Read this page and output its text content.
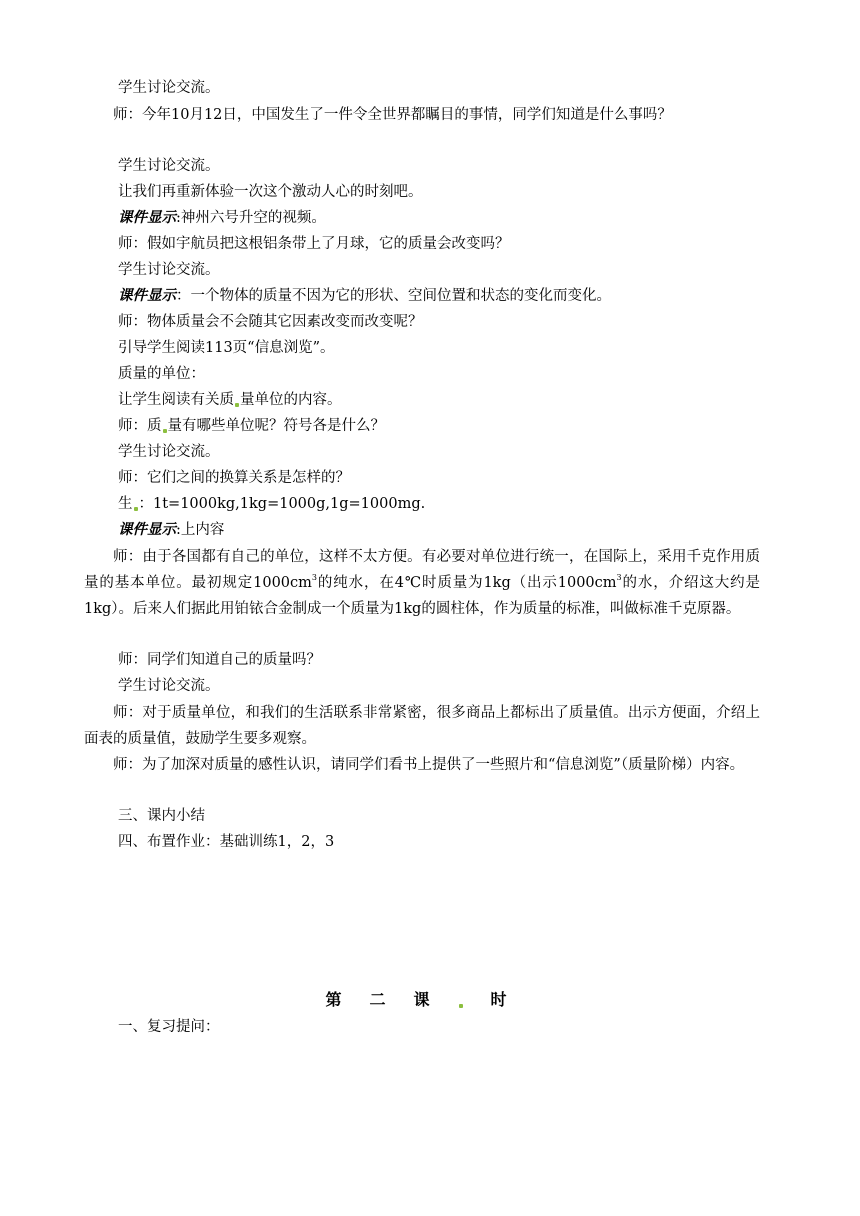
学生讨论交流。
师：今年10月12日，中国发生了一件令全世界都瞩目的事情，同学们知道是什么事吗？
学生讨论交流。
让我们再重新体验一次这个激动人心的时刻吧。
课件显示:神州六号升空的视频。
师：假如宇航员把这根铝条带上了月球，它的质量会改变吗？
学生讨论交流。
课件显示：一个物体的质量不因为它的形状、空间位置和状态的变化而变化。
师：物体质量会不会随其它因素改变而改变呢？
引导学生阅读113页“信息浏览”。
质量的单位：
让学生阅读有关质 量单位的内容。
师：质 量有哪些单位呢？符号各是什么？
学生讨论交流。
师：它们之间的换算关系是怎样的？
生 ：1t=1000kg,1kg=1000g,1g=1000mg.
课件显示:上内容
师：由于各国都有自己的单位，这样不太方便。有必要对单位进行统一，在国际上，采用千克作用质量的基本单位。最初规定$1000cm^3$的纯水，在4℃时质量为1kg（出示$1000cm^3$的水，介绍这大约是1kg）。后来人们据此用铂铱合金制成一个质量为1kg的圆柱体，作为质量的标准，叫做标准千克原器。
师：同学们知道自己的质量吗？
学生讨论交流。
师：对于质量单位，和我们的生活联系非常紧密，很多商品上都标出了质量值。出示方便面，介绍上面表的质量值，鼓励学生要多观察。
师：为了加深对质量的感性认识，请同学们看书上提供了一些照片和“信息浏览”（质量阶梯）内容。
三、课内小结
四、布置作业：基础训练1，2，3
第二课 时
一、复习提问：
